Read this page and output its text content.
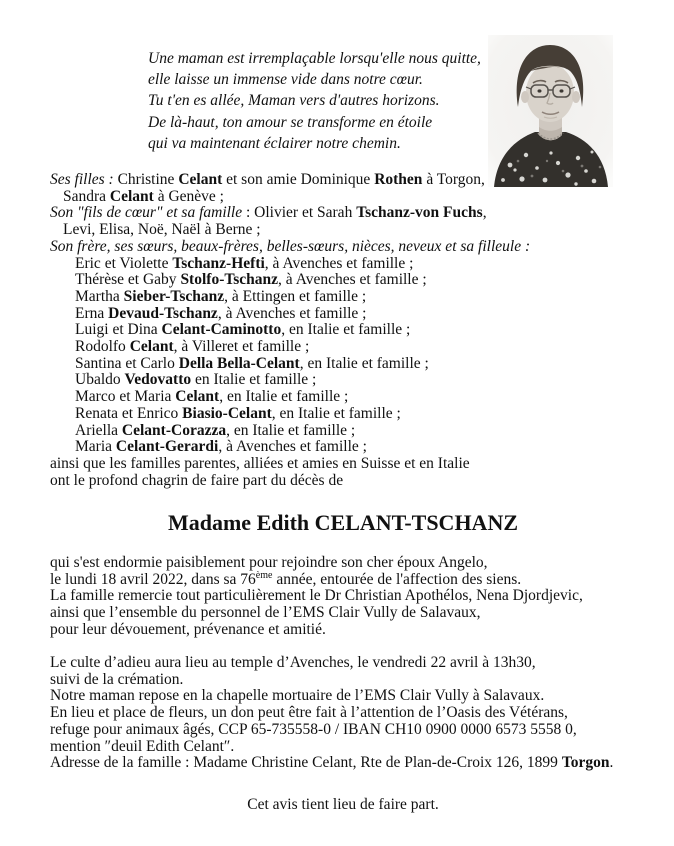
Une maman est irremplaçable lorsqu'elle nous quitte,
elle laisse un immense vide dans notre cœur.
Tu t'en es allée, Maman vers d'autres horizons.
De là-haut, ton amour se transforme en étoile
qui va maintenant éclairer notre chemin.
Ses filles : Christine Celant et son amie Dominique Rothen à Torgon,
Sandra Celant à Genève ;
Son "fils de cœur" et sa famille : Olivier et Sarah Tschanz-von Fuchs,
Levi, Elisa, Noë, Naël à Berne ;
Son frère, ses sœurs, beaux-frères, belles-sœurs, nièces, neveux et sa filleule :
Eric et Violette Tschanz-Hefti, à Avenches et famille ;
Thérèse et Gaby Stolfo-Tschanz, à Avenches et famille ;
Martha Sieber-Tschanz, à Ettingen et famille ;
Erna Devaud-Tschanz, à Avenches et famille ;
Luigi et Dina Celant-Caminotto, en Italie et famille ;
Rodolfo Celant, à Villeret et famille ;
Santina et Carlo Della Bella-Celant, en Italie et famille ;
Ubaldo Vedovatto en Italie et famille ;
Marco et Maria Celant, en Italie et famille ;
Renata et Enrico Biasio-Celant, en Italie et famille ;
Ariella Celant-Corazza, en Italie et famille ;
Maria Celant-Gerardi, à Avenches et famille ;
ainsi que les familles parentes, alliées et amies en Suisse et en Italie
ont le profond chagrin de faire part du décès de
Madame Edith CELANT-TSCHANZ
qui s'est endormie paisiblement pour rejoindre son cher époux Angelo,
le lundi 18 avril 2022, dans sa 76ème année, entourée de l'affection des siens.
La famille remercie tout particulièrement le Dr Christian Apothélos, Nena Djordjevic,
ainsi que l’ensemble du personnel de l’EMS Clair Vully de Salavaux,
pour leur dévouement, prévenance et amitié.
Le culte d’adieu aura lieu au temple d’Avenches, le vendredi 22 avril à 13h30,
suivi de la crémation.
Notre maman repose en la chapelle mortuaire de l’EMS Clair Vully à Salavaux.
En lieu et place de fleurs, un don peut être fait à l’attention de l’Oasis des Vétérans,
refuge pour animaux âgés, CCP 65-735558-0 / IBAN CH10 0900 0000 6573 5558 0,
mention ″deuil Edith Celant″.
Adresse de la famille : Madame Christine Celant, Rte de Plan-de-Croix 126, 1899 Torgon.
Cet avis tient lieu de faire part.
